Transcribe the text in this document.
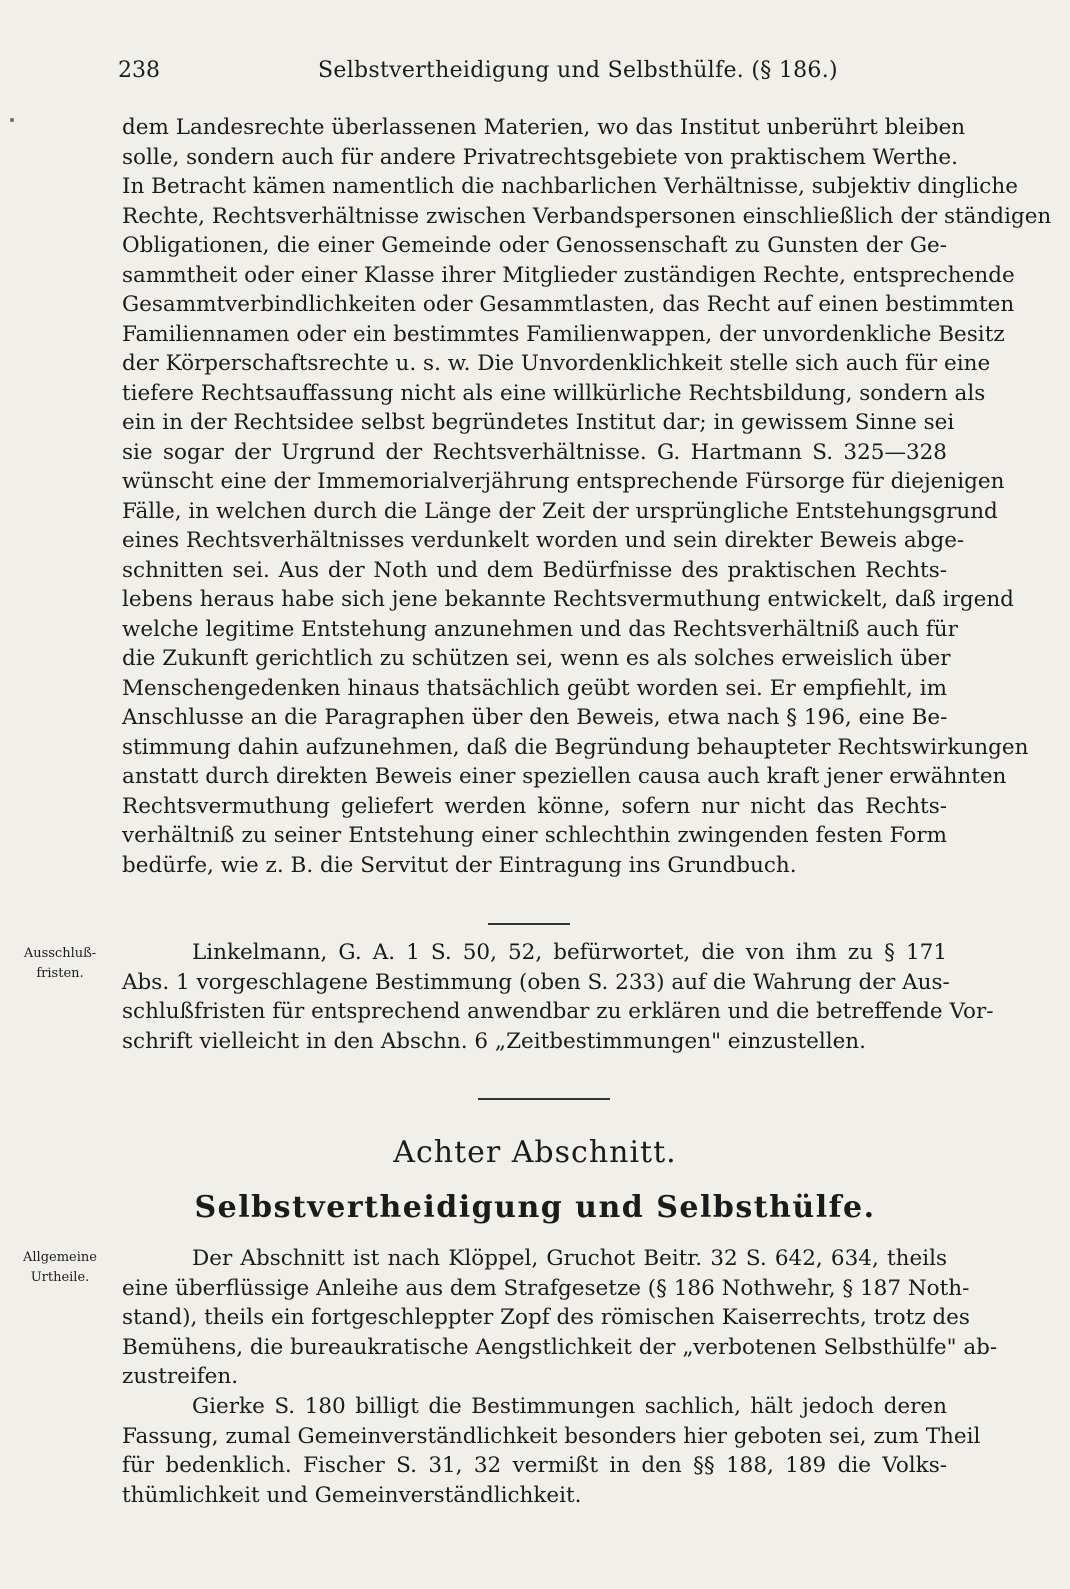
238	Selbstvertheidigung und Selbsthülfe. (§ 186.)
dem Landesrechte überlassenen Materien, wo das Institut unberührt bleiben
solle, sondern auch für andere Privatrechtsgebiete von praktischem Werthe.
In Betracht kämen namentlich die nachbarlichen Verhältnisse, subjektiv dingliche
Rechte, Rechtsverhältnisse zwischen Verbandspersonen einschließlich der ständigen
Obligationen, die einer Gemeinde oder Genossenschaft zu Gunsten der Ge-
sammtheit oder einer Klasse ihrer Mitglieder zuständigen Rechte, entsprechende
Gesammtverbindlichkeiten oder Gesammtlasten, das Recht auf einen bestimmten
Familiennamen oder ein bestimmtes Familienwappen, der unvordenkliche Besitz
der Körperschaftsrechte u. s. w. Die Unvordenklichkeit stelle sich auch für eine
tiefere Rechtsauffassung nicht als eine willkürliche Rechtsbildung, sondern als
ein in der Rechtsidee selbst begründetes Institut dar; in gewissem Sinne sei
sie sogar der Urgrund der Rechtsverhältnisse. G. Hartmann S. 325—328
wünscht eine der Immemorialverjährung entsprechende Fürsorge für diejenigen
Fälle, in welchen durch die Länge der Zeit der ursprüngliche Entstehungsgrund
eines Rechtsverhältnisses verdunkelt worden und sein direkter Beweis abge-
schnitten sei. Aus der Noth und dem Bedürfnisse des praktischen Rechts-
lebens heraus habe sich jene bekannte Rechtsvermuthung entwickelt, daß irgend
welche legitime Entstehung anzunehmen und das Rechtsverhältniß auch für
die Zukunft gerichtlich zu schützen sei, wenn es als solches erweislich über
Menschengedenken hinaus thatsächlich geübt worden sei. Er empfiehlt, im
Anschlusse an die Paragraphen über den Beweis, etwa nach § 196, eine Be-
stimmung dahin aufzunehmen, daß die Begründung behaupteter Rechtswirkungen
anstatt durch direkten Beweis einer speziellen causa auch kraft jener erwähnten
Rechtsvermuthung geliefert werden könne, sofern nur nicht das Rechts-
verhältniß zu seiner Entstehung einer schlechthin zwingenden festen Form
bedürfe, wie z. B. die Servitut der Eintragung ins Grundbuch.
Ausschluß-
fristen.
Linkelmann, G. A. 1 S. 50, 52, befürwortet, die von ihm zu § 171
Abs. 1 vorgeschlagene Bestimmung (oben S. 233) auf die Wahrung der Aus-
schlußfristen für entsprechend anwendbar zu erklären und die betreffende Vor-
schrift vielleicht in den Abschn. 6 „Zeitbestimmungen" einzustellen.
Achter Abschnitt.
Selbstvertheidigung und Selbsthülfe.
Allgemeine
Urtheile.
Der Abschnitt ist nach Klöppel, Gruchot Beitr. 32 S. 642, 634, theils
eine überflüssige Anleihe aus dem Strafgesetze (§ 186 Nothwehr, § 187 Noth-
stand), theils ein fortgeschleppter Zopf des römischen Kaiserrechts, trotz des
Bemühens, die bureaukratische Aengstlichkeit der „verbotenen Selbsthülfe" ab-
zustreifen.
Gierke S. 180 billigt die Bestimmungen sachlich, hält jedoch deren
Fassung, zumal Gemeinverständlichkeit besonders hier geboten sei, zum Theil
für bedenklich. Fischer S. 31, 32 vermißt in den §§ 188, 189 die Volks-
thümlichkeit und Gemeinverständlichkeit.
